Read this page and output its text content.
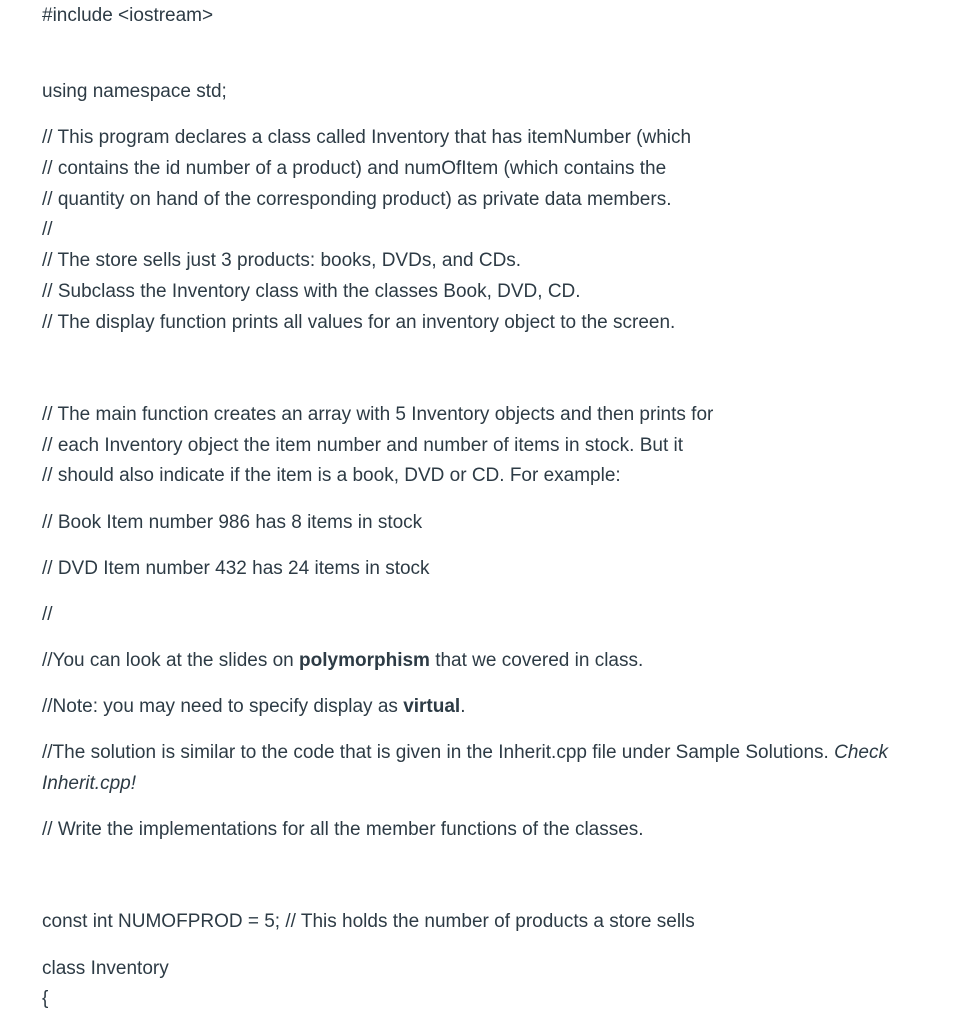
#include <iostream>
using namespace std;
// This program declares a class called Inventory that has itemNumber (which
// contains the id number of a product) and numOfItem (which contains the
// quantity on hand of the corresponding product) as private data members.
//
// The store sells just 3 products: books, DVDs, and CDs.
// Subclass the Inventory class with the classes Book, DVD, CD.
// The display function prints all values for an inventory object to the screen.
// The main function creates an array with 5 Inventory objects and then prints for
// each Inventory object the item number and number of items in stock. But it
// should also indicate if the item is a book, DVD or CD. For example:
// Book Item number 986 has 8 items in stock
// DVD Item number 432 has 24 items in stock
//
//You can look at the slides on polymorphism that we covered in class.
//Note: you may need to specify display as virtual.
//The solution is similar to the code that is given in the Inherit.cpp file under Sample Solutions. Check
Inherit.cpp!
// Write the implementations for all the member functions of the classes.
const int NUMOFPROD = 5; // This holds the number of products a store sells
class Inventory
{
